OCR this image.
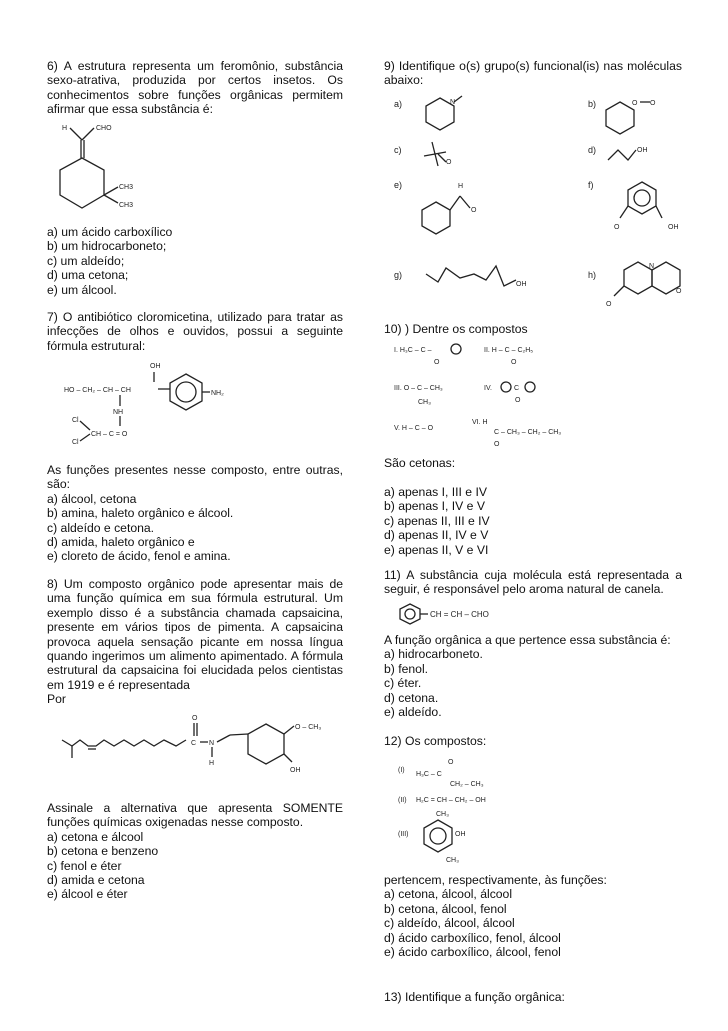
6) A estrutura representa um feromônio, substância sexo-atrativa, produzida por certos insetos. Os conhecimentos sobre funções orgânicas permitem afirmar que essa substância é:

H	CHO
CH3
CH3

a) um ácido carboxílico

b) um hidrocarboneto;

c) um aldeído;

d) uma cetona;

e) um álcool.

7) O antibiótico cloromicetina, utilizado para tratar as infecções de olhos e ouvidos, possui a seguinte fórmula estrutural:

OH
HO – CH₂ – CH – CH	NH₂
NH
Cl
Cl
CH – C = O

As funções presentes nesse composto, entre outras, são:

a) álcool, cetona

b) amina, haleto orgânico e álcool.

c) aldeído e cetona.

d) amida, haleto orgânico e

e) cloreto de ácido, fenol e amina.

8) Um composto orgânico pode apresentar mais de uma função química em sua fórmula estrutural. Um exemplo disso é a substância chamada capsaicina, presente em vários tipos de pimenta. A capsaicina provoca aquela sensação picante em nossa língua quando ingerimos um alimento apimentado. A fórmula estrutural da capsaicina foi elucidada pelos cientistas em 1919 e é representada

Por

O
C N
H
O – CH₃
OH

Assinale a alternativa que apresenta SOMENTE funções químicas oxigenadas nesse composto.

a) cetona e álcool

b) cetona e benzeno

c) fenol e éter

d) amida e cetona

e) álcool e éter

9) Identifique o(s) grupo(s) funcional(is) nas moléculas abaixo:

a)	N	b)	O O
c)
O
d)	OH
e)	H
O
f)
O	OH
g)
OH
h)
N
O
O

10) ) Dentre os compostos

I. H₃C – C –
O
II. H – C – C₂H₅
O
III. O – C – CH₃
CH₃
IV.	C
O
V. H – C – O
VI. H
C – CH₃ – CH₂ – CH₃
O

São cetonas:

a) apenas I, III e IV

b) apenas I, IV e V

c) apenas II, III e IV

d) apenas II, IV e V

e) apenas II, V e VI

11) A substância cuja molécula está representada a seguir, é responsável pelo aroma natural de canela.

CH = CH – CHO

A função orgânica a que pertence essa substância é:

a) hidrocarboneto.

b) fenol.

c) éter.

d) cetona.

e) aldeído.

12) Os compostos:

(I)
H₃C – C
O
CH₂ – CH₃
(II) H₂C = CH – CH₂ – OH
(III)
CH₃
OH
CH₃

pertencem, respectivamente, às funções:

a) cetona, álcool, álcool

b) cetona, álcool, fenol

c) aldeído, álcool, álcool

d) ácido carboxílico, fenol, álcool

e) ácido carboxílico, álcool, fenol

13) Identifique a função orgânica:
